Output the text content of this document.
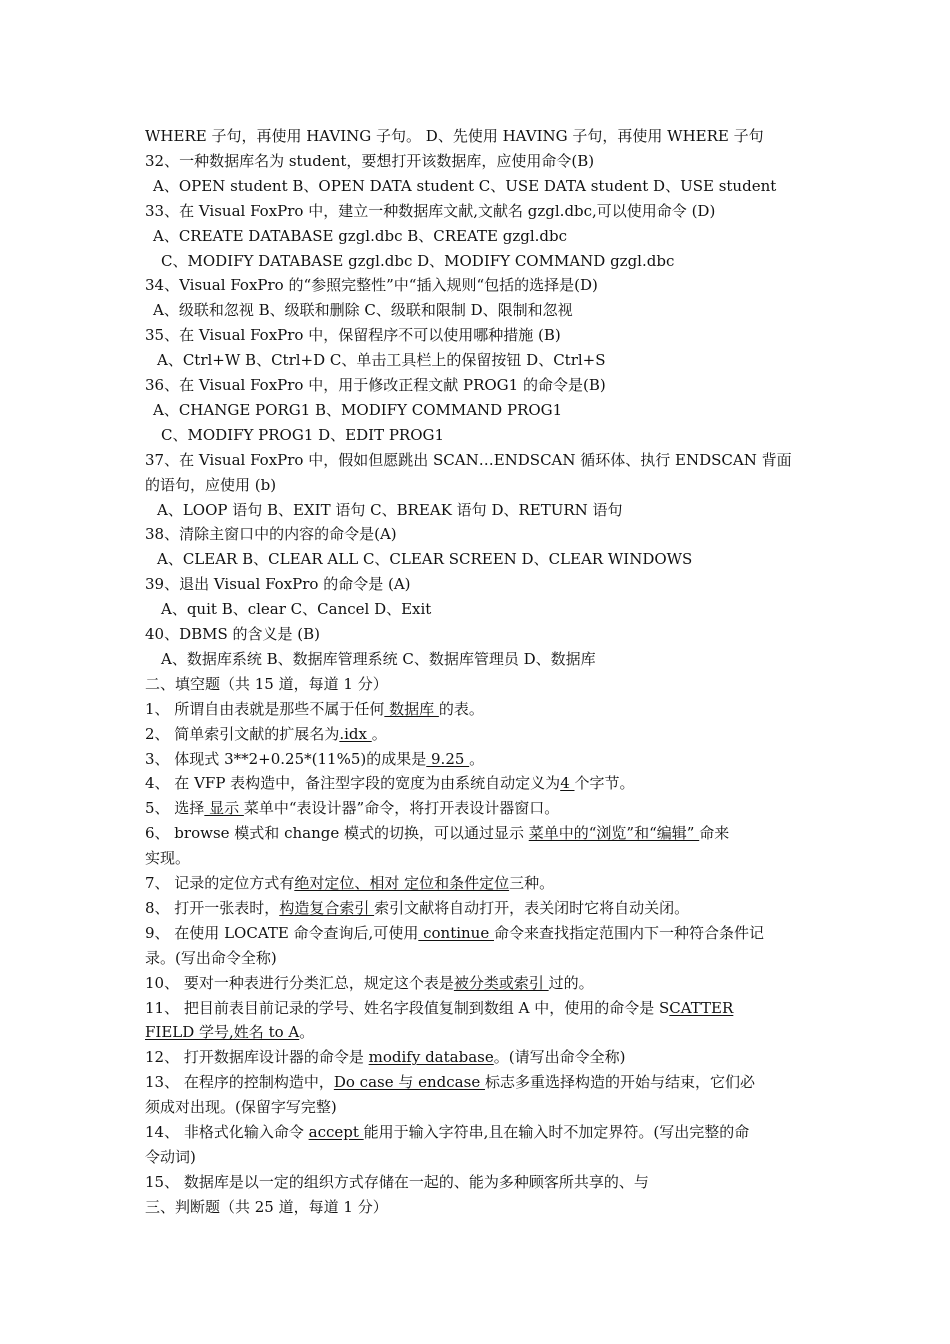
WHERE 子句，再使用 HAVING 子句。 D、先使用 HAVING 子句，再使用 WHERE 子句
32、一种数据库名为 student，要想打开该数据库，应使用命令(B)
A、OPEN student B、OPEN DATA student C、USE DATA student D、USE student
33、在 Visual FoxPro 中，建立一种数据库文献,文献名 gzgl.dbc,可以使用命令 (D)
A、CREATE DATABASE gzgl.dbc B、CREATE gzgl.dbc
C、MODIFY DATABASE gzgl.dbc D、MODIFY COMMAND gzgl.dbc
34、Visual FoxPro 的“参照完整性”中“插入规则“包括的选择是(D)
A、级联和忽视 B、级联和删除 C、级联和限制 D、限制和忽视
35、在 Visual FoxPro 中，保留程序不可以使用哪种措施 (B)
A、Ctrl+W B、Ctrl+D C、单击工具栏上的保留按钮 D、Ctrl+S
36、在 Visual FoxPro 中，用于修改正程文献 PROG1 的命令是(B)
A、CHANGE PORG1 B、MODIFY COMMAND PROG1
C、MODIFY PROG1 D、EDIT PROG1
37、在 Visual FoxPro 中，假如但愿跳出 SCAN…ENDSCAN 循环体、执行 ENDSCAN 背面
的语句，应使用 (b)
A、LOOP 语句 B、EXIT 语句 C、BREAK 语句 D、RETURN 语句
38、清除主窗口中的内容的命令是(A)
A、CLEAR B、CLEAR ALL C、CLEAR SCREEN D、CLEAR WINDOWS
39、退出 Visual FoxPro 的命令是 (A)
A、quit B、clear C、Cancel D、Exit
40、DBMS 的含义是 (B)
A、数据库系统 B、数据库管理系统 C、数据库管理员 D、数据库
二、填空题（共 15 道，每道 1 分）
1、 所谓自由表就是那些不属于任何 数据库 的表。
2、 简单索引文献的扩展名为.idx 。
3、 体现式 3**2+0.25*(11%5)的成果是 9.25 。
4、 在 VFP 表构造中，备注型字段的宽度为由系统自动定义为4 个字节。
5、 选择 显示 菜单中“表设计器”命令，将打开表设计器窗口。
6、 browse 模式和 change 模式的切换，可以通过显示 菜单中的“浏览”和“编辑” 命来
实现。
7、 记录的定位方式有绝对定位、相对 定位和条件定位三种。
8、 打开一张表时，构造复合索引 索引文献将自动打开，表关闭时它将自动关闭。
9、 在使用 LOCATE 命令查询后,可使用 continue 命令来查找指定范围内下一种符合条件记
录。(写出命令全称)
10、 要对一种表进行分类汇总，规定这个表是被分类或索引 过的。
11、 把目前表目前记录的学号、姓名字段值复制到数组 A 中，使用的命令是 SCATTER
FIELD 学号,姓名 to A。
12、 打开数据库设计器的命令是 modify database。(请写出命令全称)
13、 在程序的控制构造中，Do case 与 endcase 标志多重选择构造的开始与结束，它们必
须成对出现。(保留字写完整)
14、 非格式化输入命令 accept 能用于输入字符串,且在输入时不加定界符。(写出完整的命
令动词)
15、 数据库是以一定的组织方式存储在一起的、能为多种顾客所共享的、与
三、判断题（共 25 道，每道 1 分）
